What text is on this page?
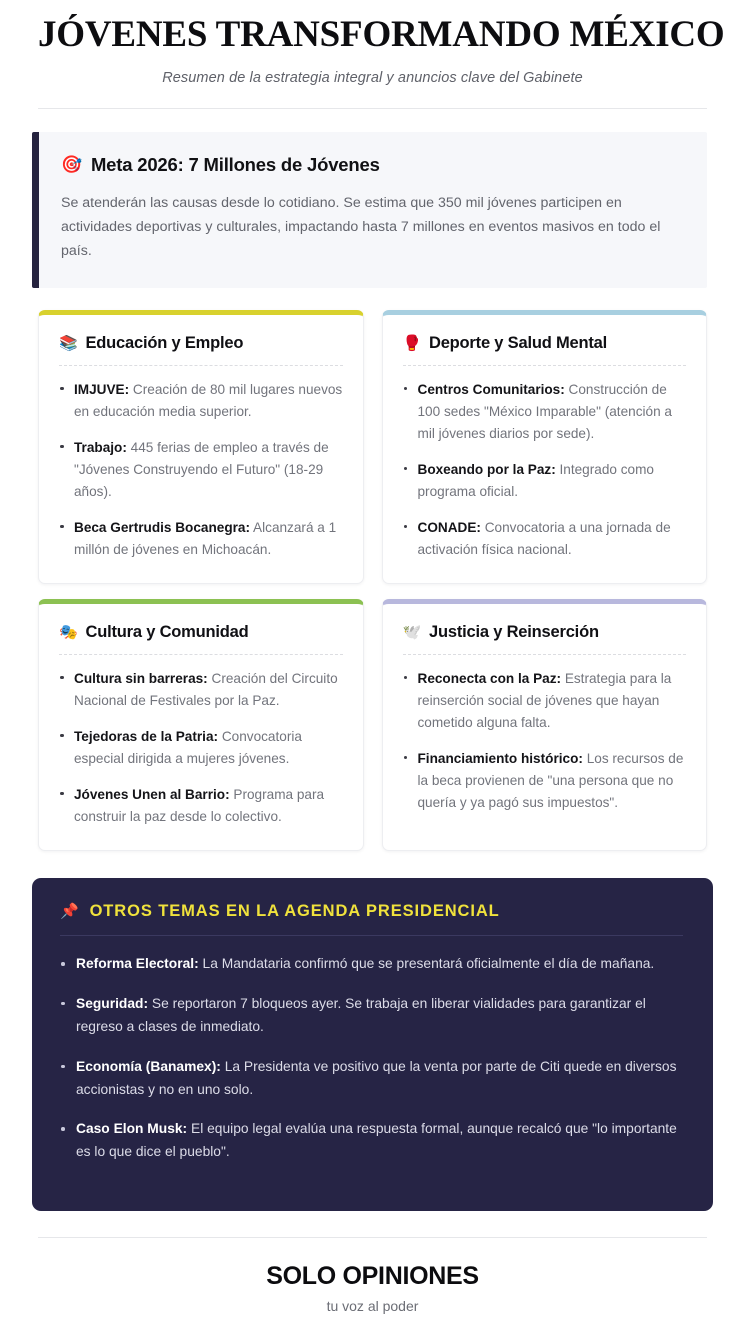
JÓVENES TRANSFORMANDO MÉXICO
Resumen de la estrategia integral y anuncios clave del Gabinete
🎯 Meta 2026: 7 Millones de Jóvenes

Se atenderán las causas desde lo cotidiano. Se estima que 350 mil jóvenes participen en actividades deportivas y culturales, impactando hasta 7 millones en eventos masivos en todo el país.

📚 Educación y Empleo
IMJUVE: Creación de 80 mil lugares nuevos en educación media superior.
Trabajo: 445 ferias de empleo a través de "Jóvenes Construyendo el Futuro" (18-29 años).
Beca Gertrudis Bocanegra: Alcanzará a 1 millón de jóvenes en Michoacán.
🥊 Deporte y Salud Mental
Centros Comunitarios: Construcción de 100 sedes "México Imparable" (atención a mil jóvenes diarios por sede).
Boxeando por la Paz: Integrado como programa oficial.
CONADE: Convocatoria a una jornada de activación física nacional.
🎭 Cultura y Comunidad
Cultura sin barreras: Creación del Circuito Nacional de Festivales por la Paz.
Tejedoras de la Patria: Convocatoria especial dirigida a mujeres jóvenes.
Jóvenes Unen al Barrio: Programa para construir la paz desde lo colectivo.
🕊️ Justicia y Reinserción
Reconecta con la Paz: Estrategia para la reinserción social de jóvenes que hayan cometido alguna falta.
Financiamiento histórico: Los recursos de la beca provienen de "una persona que no quería y ya pagó sus impuestos".
📌 OTROS TEMAS EN LA AGENDA PRESIDENCIAL
Reforma Electoral: La Mandataria confirmó que se presentará oficialmente el día de mañana.
Seguridad: Se reportaron 7 bloqueos ayer. Se trabaja en liberar vialidades para garantizar el regreso a clases de inmediato.
Economía (Banamex): La Presidenta ve positivo que la venta por parte de Citi quede en diversos accionistas y no en uno solo.
Caso Elon Musk: El equipo legal evalúa una respuesta formal, aunque recalcó que "lo importante es lo que dice el pueblo".
SOLO OPINIONES
tu voz al poder
